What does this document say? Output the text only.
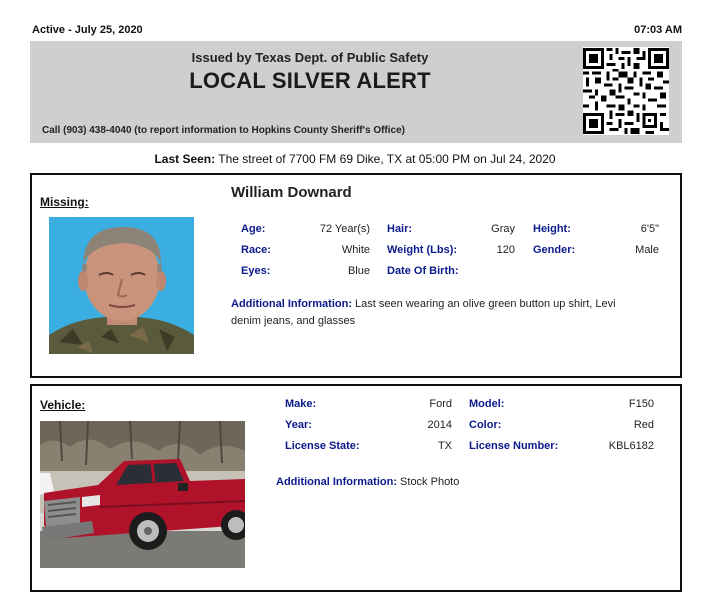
Active - July 25, 2020	07:03 AM
Issued by Texas Dept. of Public Safety
LOCAL SILVER ALERT
Call (903) 438-4040 (to report information to Hopkins County Sheriff's Office)
Last Seen: The street of 7700 FM 69 Dike, TX at 05:00 PM on Jul 24, 2020
Missing:
William Downard
Age:	72 Year(s) Hair:	Gray Height:	6'5"
Race:	White Weight (Lbs):	120 Gender:	Male
Eyes:	Blue Date Of Birth:
Additional Information: Last seen wearing an olive green button up shirt, Levi
denim jeans, and glasses
Vehicle:	Make:	Ford Model:	F150
Year:	2014 Color:	Red
License State:	TX License Number:	KBL6182
Additional Information: Stock Photo
